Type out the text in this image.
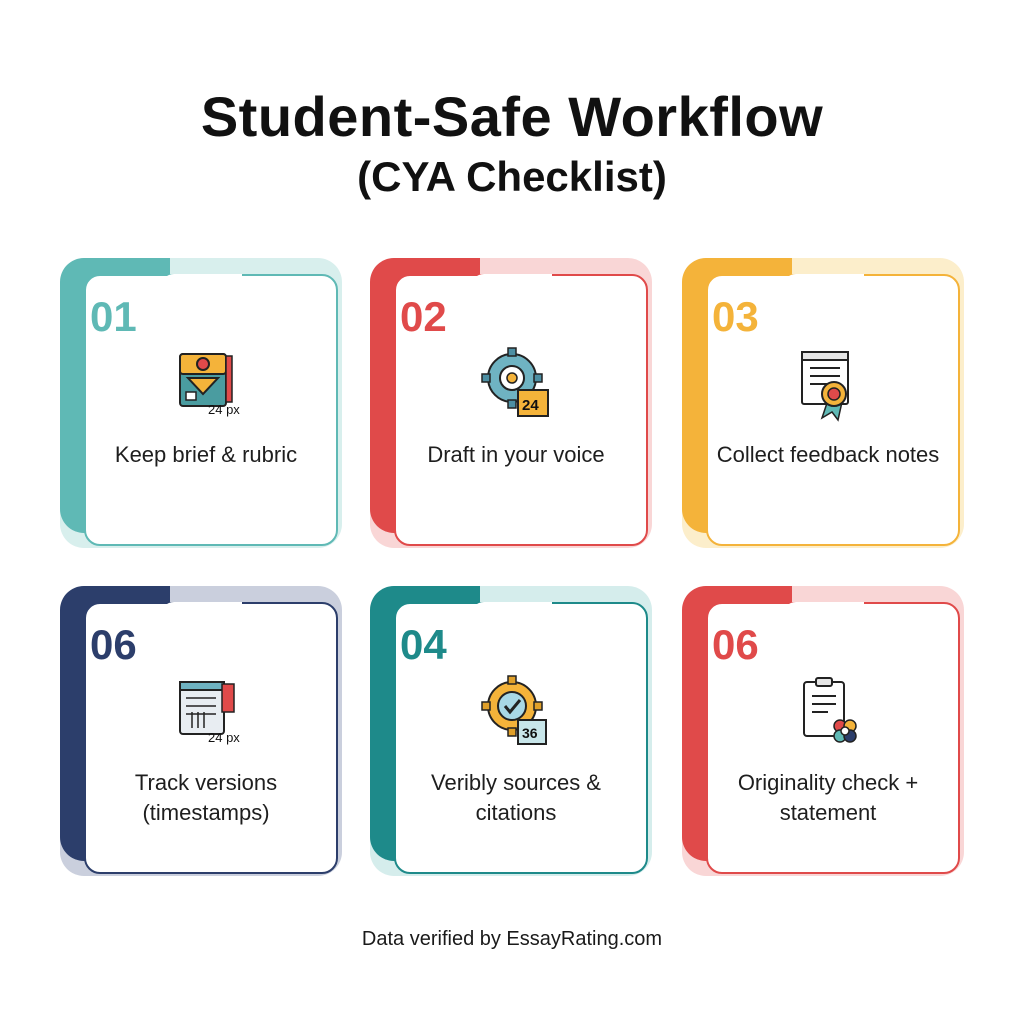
Student-Safe Workflow
(CYA Checklist)
01
24 px
Keep brief & rubric
02
24
Draft in your voice
03
Collect feedback notes
06
24 px
Track versions (timestamps)
04
36
Veribly sources & citations
06
Originality check + statement
Data verified by EssayRating.com
